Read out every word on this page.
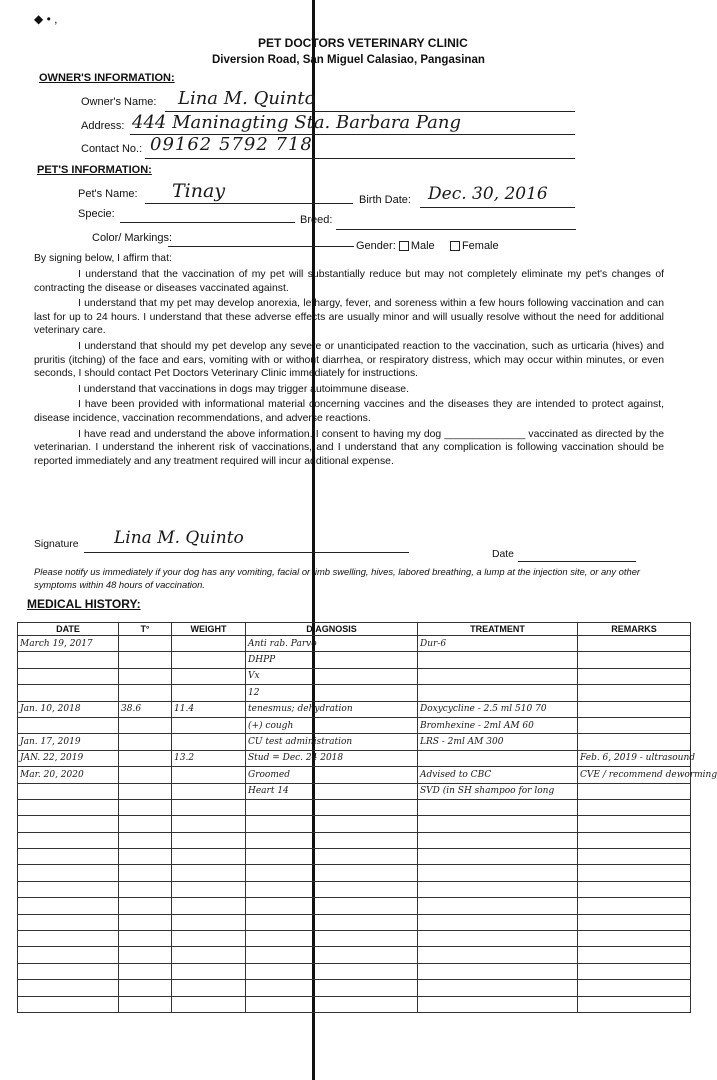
◆ • ,
PET DOCTORS VETERINARY CLINIC
Diversion Road, San Miguel Calasiao, Pangasinan
OWNER'S INFORMATION:
Owner's Name: Lina M. Quinto
Address: 444 Maninagting Sta. Barbara Pang
Contact No.: 09162 5792 718
PET'S INFORMATION:
Pet's Name: Tinay	Birth Date: Dec. 30, 2016
Specie:	Breed:
Color/ Markings:
Gender: Male Female
By signing below, I affirm that:

I understand that the vaccination of my pet will substantially reduce but may not completely eliminate my pet's changes of contracting the disease or diseases vaccinated against.

I understand that my pet may develop anorexia, lethargy, fever, and soreness within a few hours following vaccination and can last for up to 24 hours. I understand that these adverse effects are usually minor and will usually resolve without the need for additional veterinary care.

I understand that should my pet develop any severe or unanticipated reaction to the vaccination, such as urticaria (hives) and pruritis (itching) of the face and ears, vomiting with or without diarrhea, or respiratory distress, which may occur within minutes, or even seconds, I should contact Pet Doctors Veterinary Clinic immediately for instructions.

I understand that vaccinations in dogs may trigger autoimmune disease.

I have been provided with informational material concerning vaccines and the diseases they are intended to protect against, disease incidence, vaccination recommendations, and adverse reactions.

I have read and understand the above information. I consent to having my dog ______________ vaccinated as directed by the veterinarian. I understand the inherent risk of vaccinations, and I understand that any complication is following vaccination should be reported immediately and any treatment required will incur additional expense.

Signature Lina M. Quinto
Date
Please notify us immediately if your dog has any vomiting, facial or limb swelling, hives, labored breathing, a lump at the injection site, or any other symptoms within 48 hours of vaccination.
MEDICAL HISTORY:
DATE	T°	WEIGHT	DIAGNOSIS	TREATMENT	REMARKS
March 19, 2017			Anti rab. Parvo	Dur-6	
			DHPP		
			Vx		
			12		
Jan. 10, 2018	38.6	11.4	tenesmus; dehydration	Doxycycline - 2.5 ml 510 70	
			(+) cough	Bromhexine - 2ml AM 60	
Jan. 17, 2019			CU test administration	LRS - 2ml AM 300	
JAN. 22, 2019		13.2	Stud = Dec. 24 2018		Feb. 6, 2019 - ultrasound
Mar. 20, 2020			Groomed	Advised to CBC	CVE / recommend deworming
			Heart 14	SVD (in SH shampoo for long	
